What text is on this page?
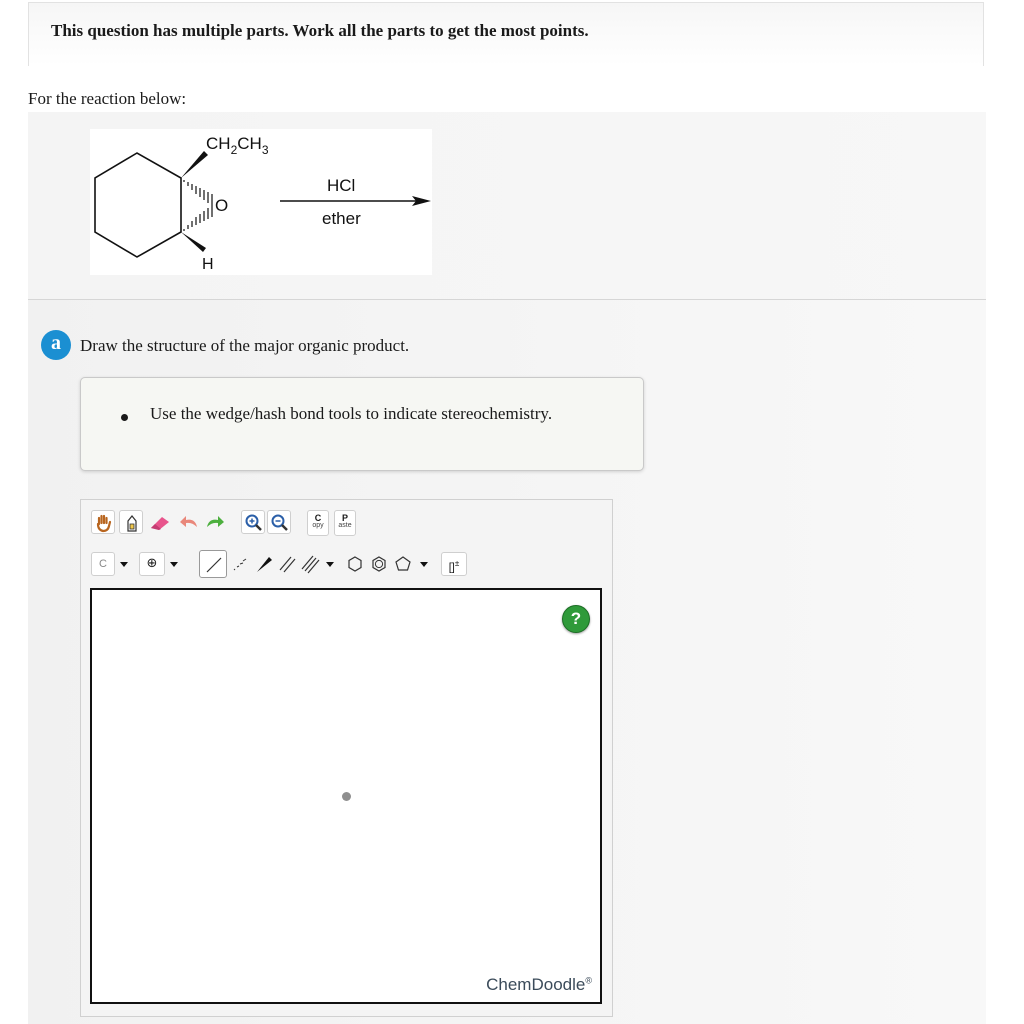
This question has multiple parts. Work all the parts to get the most points.
For the reaction below:
O
H
$CH_2CH_3$
HCl
ether
a	Draw the structure of the major organic product.
Use the wedge/hash bond tools to indicate stereochemistry.
C
opy
P
aste
C	⊕	[]±
?
ChemDoodle®
